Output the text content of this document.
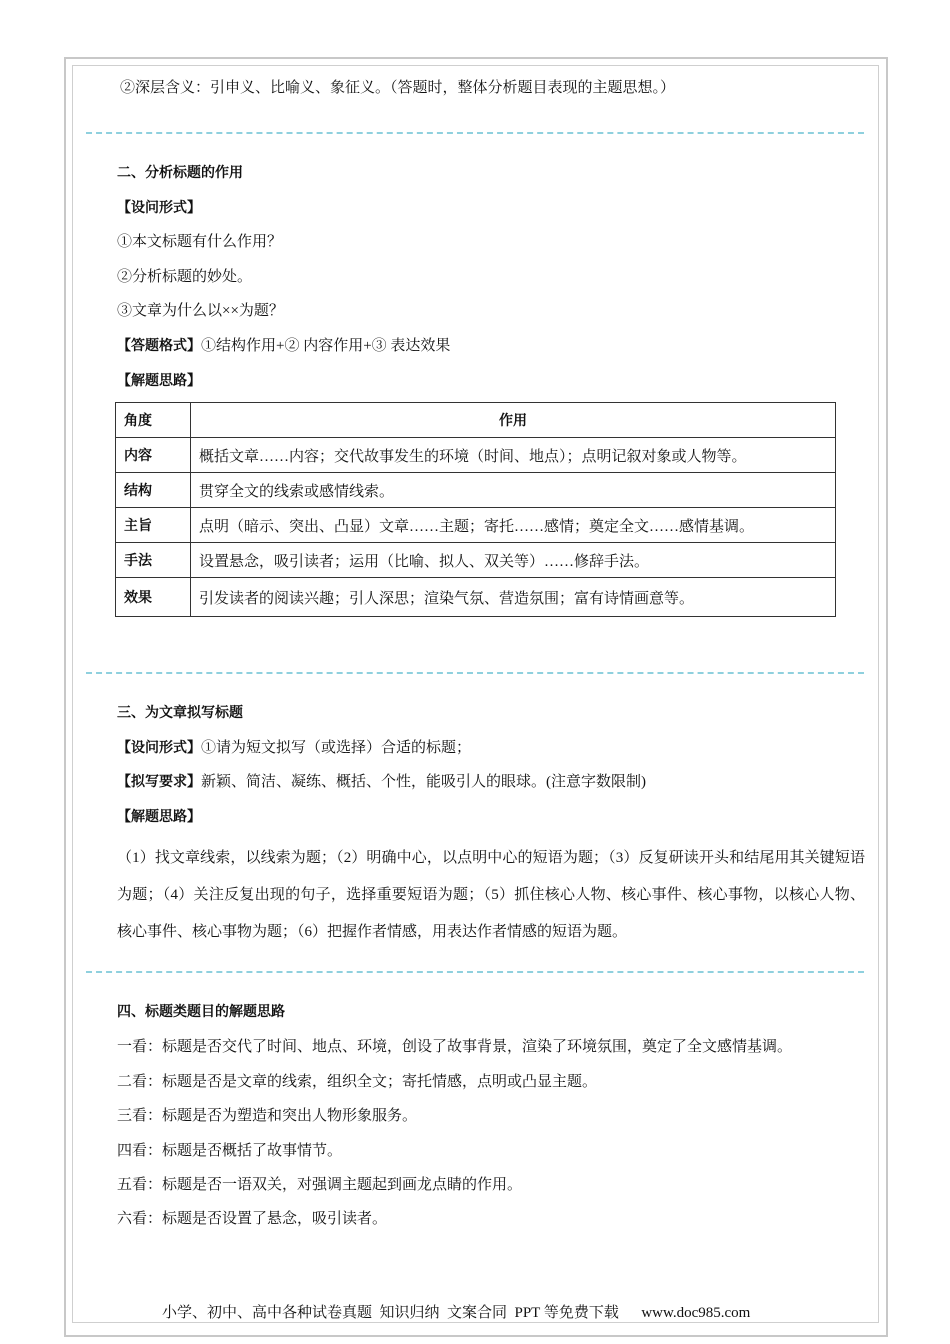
②深层含义：引申义、比喻义、象征义。（答题时，整体分析题目表现的主题思想。）
二、分析标题的作用
【设问形式】
①本文标题有什么作用？
②分析标题的妙处。
③文章为什么以××为题？
【答题格式】①结构作用+② 内容作用+③ 表达效果
【解题思路】
角度	作用
内容	概括文章……内容；交代故事发生的环境（时间、地点）；点明记叙对象或人物等。
结构	贯穿全文的线索或感情线索。
主旨	点明（暗示、突出、凸显）文章……主题；寄托……感情；奠定全文……感情基调。
手法	设置悬念，吸引读者；运用（比喻、拟人、双关等）……修辞手法。
效果	引发读者的阅读兴趣；引人深思；渲染气氛、营造氛围；富有诗情画意等。
三、为文章拟写标题
【设问形式】①请为短文拟写（或选择）合适的标题；
【拟写要求】新颖、简洁、凝练、概括、个性，能吸引人的眼球。(注意字数限制)
【解题思路】
（1）找文章线索，以线索为题；（2）明确中心，以点明中心的短语为题；（3）反复研读开头和结尾用其关键短语为题；（4）关注反复出现的句子，选择重要短语为题；（5）抓住核心人物、核心事件、核心事物，以核心人物、核心事件、核心事物为题；（6）把握作者情感，用表达作者情感的短语为题。
四、标题类题目的解题思路
一看：标题是否交代了时间、地点、环境，创设了故事背景，渲染了环境氛围，奠定了全文感情基调。
二看：标题是否是文章的线索，组织全文；寄托情感，点明或凸显主题。
三看：标题是否为塑造和突出人物形象服务。
四看：标题是否概括了故事情节。
五看：标题是否一语双关，对强调主题起到画龙点睛的作用。
六看：标题是否设置了悬念，吸引读者。
小学、初中、高中各种试卷真题  知识归纳  文案合同  PPT 等免费下载 www.doc985.com
